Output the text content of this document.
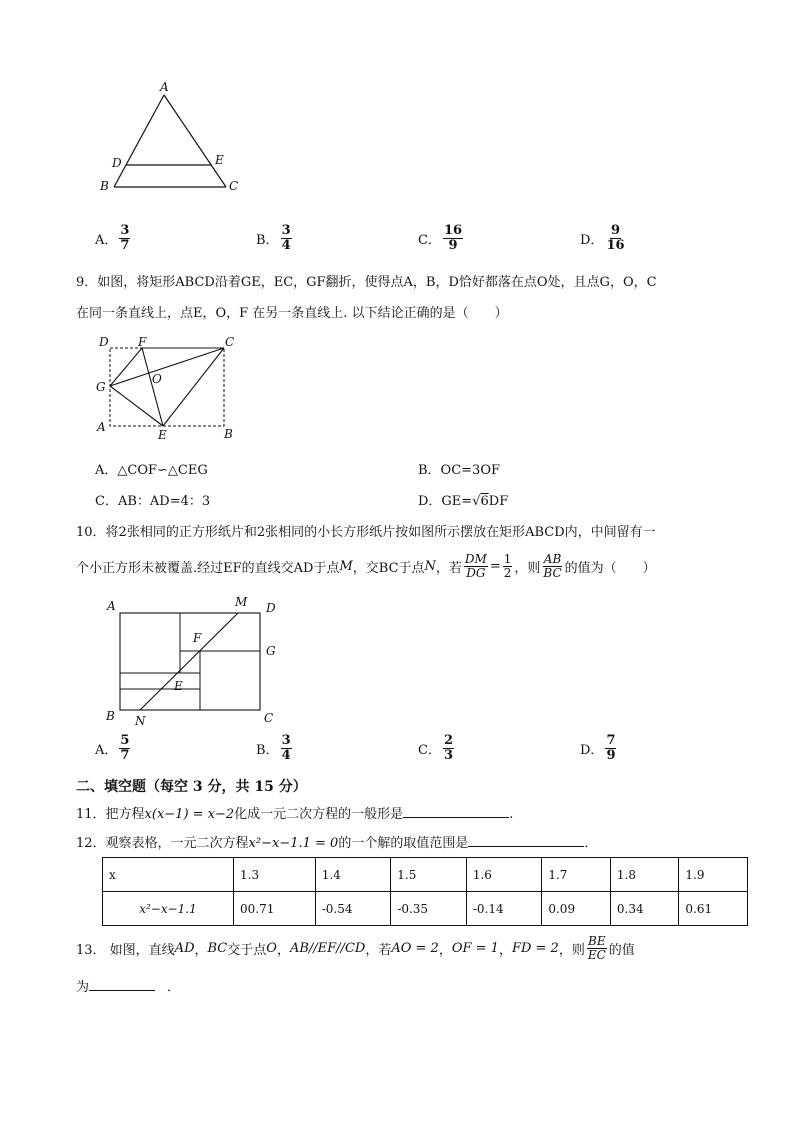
A
B	C
D	E
A． $\frac{3}{7}$	B． $\frac{3}{4}$	C． $\frac{16}{9}$	D． $\frac{9}{16}$
9．如图，将矩形ABCD沿着GE，EC，GF翻折，使得点A，B，D恰好都落在点O处，且点G，O，C
在同一条直线上，点E，O，F 在另一条直线上. 以下结论正确的是（　　）
D F	C
G
O
A
E	B
A．△COF∽△CEG	B．OC=3OF
C．AB：AD=4：3	D．GE=√6DF
10．将2张相同的正方形纸片和2张相同的小长方形纸片按如图所示摆放在矩形ABCD内，中间留有一
个小正方形未被覆盖.经过EF的直线交AD于点 M ，交BC于点 N ，若 $\frac{DM}{DG} = \frac{1}{2}$ ，则 $\frac{AB}{BC}$ 的值为（　　）
A	M D
F
G
E
B N	C
A． $\frac{5}{7}$	B． $\frac{3}{4}$	C． $\frac{2}{3}$	D． $\frac{7}{9}$
二、填空题（每空 3 分，共 15 分）
11．把方程x(x−1) = x−2化成一元二次方程的一般形是	.
12．观察表格，一元二次方程x²−x−1.1 = 0的一个解的取值范围是	．
x	1.3	1.4	1.5	1.6	1.7	1.8	1.9
x²−x−1.1	00.71	-0.54	-0.35	-0.14	0.09	0.34	0.61
13． 如图，直线 AD ， BC 交于点 O ， AB//EF//CD ，若 AO = 2 ， OF = 1 ， FD = 2 ，则 $\frac{BE}{EC}$ 的值
为	．
